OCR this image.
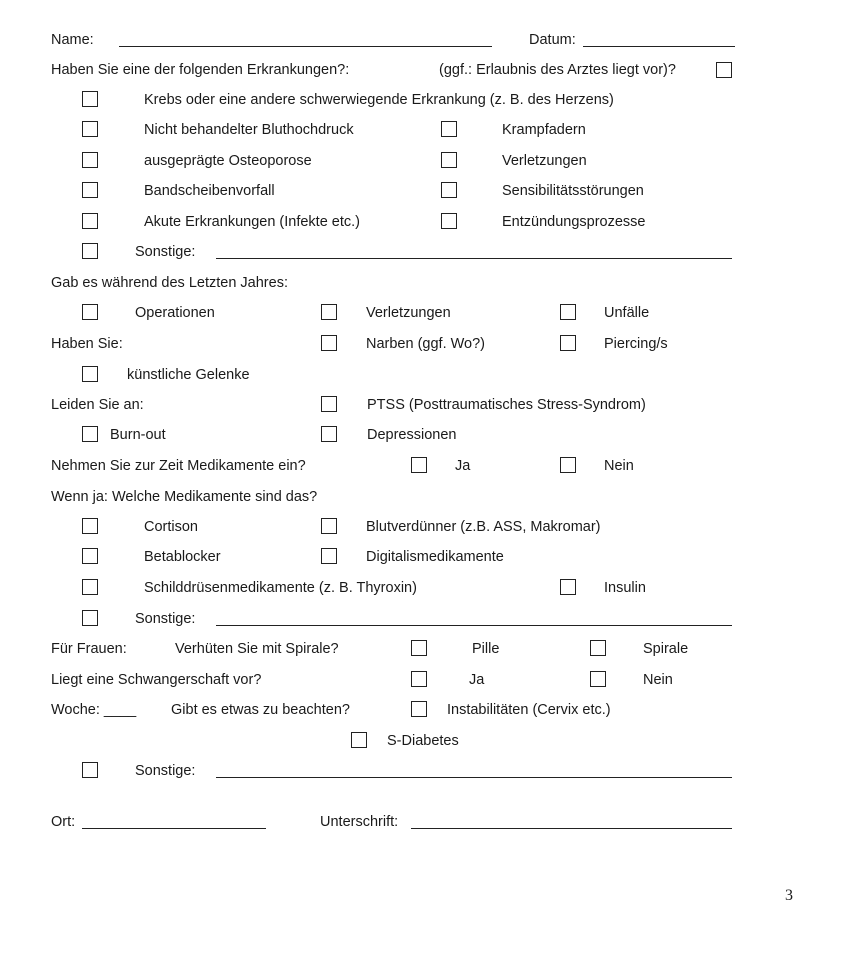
Name:	Datum:
Haben Sie eine der folgenden Erkrankungen?:	(ggf.: Erlaubnis des Arztes liegt vor)?
Krebs oder eine andere schwerwiegende Erkrankung (z. B. des Herzens)
Nicht behandelter Bluthochdruck	Krampfadern
ausgeprägte Osteoporose	Verletzungen
Bandscheibenvorfall	Sensibilitätsstörungen
Akute Erkrankungen (Infekte etc.)	Entzündungsprozesse
Sonstige:
Gab es während des Letzten Jahres:
Operationen	Verletzungen	Unfälle
Haben Sie:	Narben (ggf. Wo?)	Piercing/s
künstliche Gelenke
Leiden Sie an:	PTSS (Posttraumatisches Stress-Syndrom)
Burn-out	Depressionen
Nehmen Sie zur Zeit Medikamente ein?	Ja	Nein
Wenn ja: Welche Medikamente sind das?
Cortison	Blutverdünner (z.B. ASS, Makromar)
Betablocker	Digitalismedikamente
Schilddrüsenmedikamente (z. B. Thyroxin)	Insulin
Sonstige:
Für Frauen:	Verhüten Sie mit Spirale?	Pille	Spirale
Liegt eine Schwangerschaft vor?	Ja	Nein
Woche: ____ Gibt es etwas zu beachten?	Instabilitäten (Cervix etc.)
S-Diabetes
Sonstige:
Ort:	Unterschrift:
3
